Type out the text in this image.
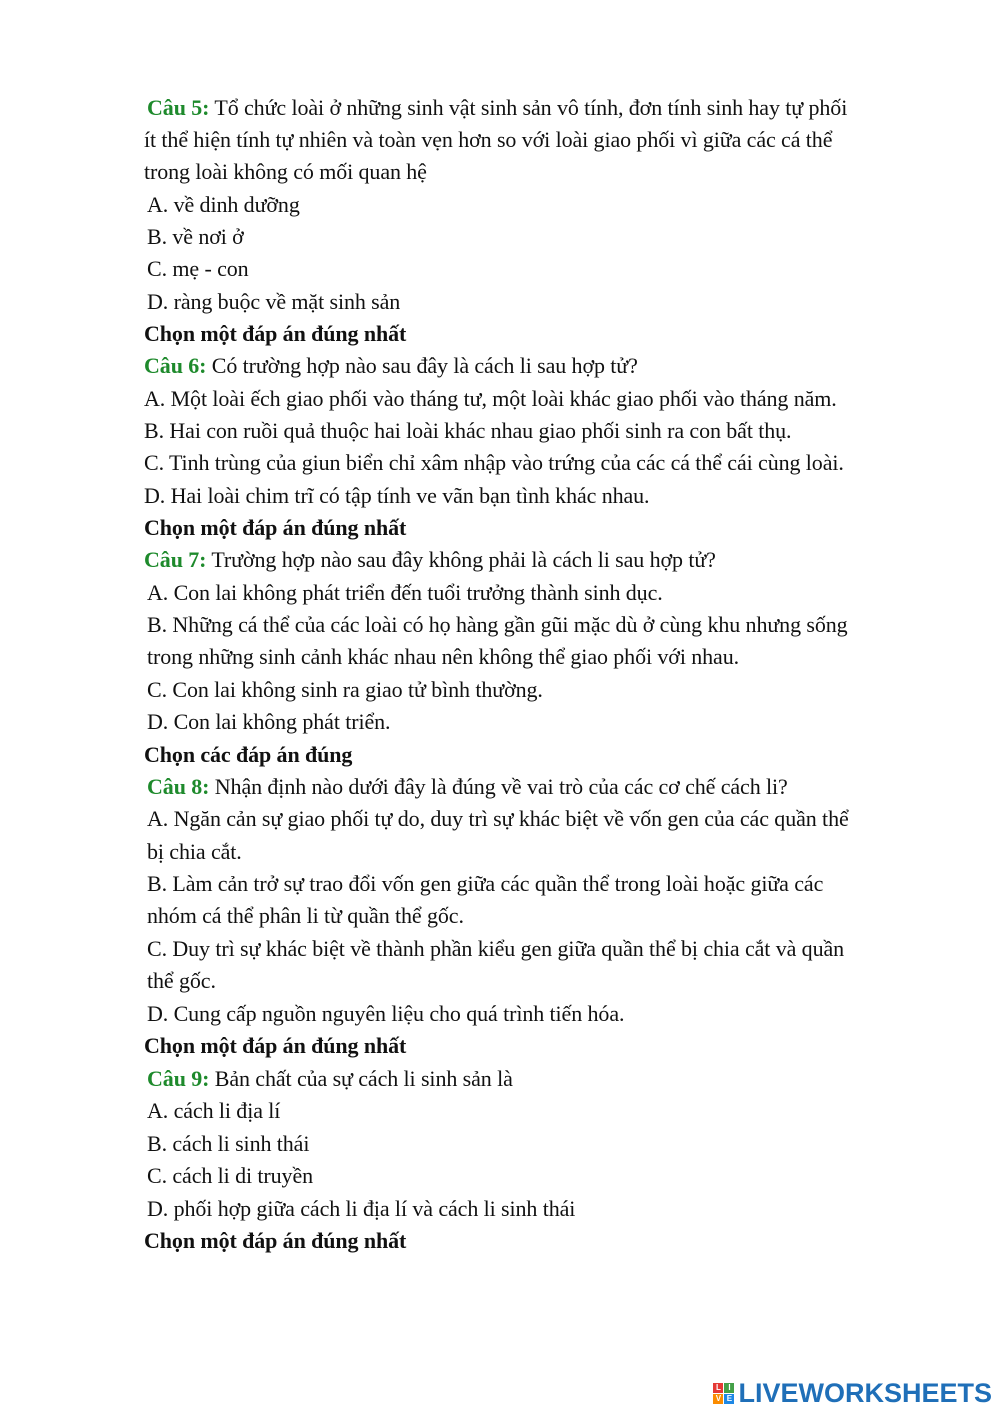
Câu 5: Tổ chức loài ở những sinh vật sinh sản vô tính, đơn tính sinh hay tự phối
ít thể hiện tính tự nhiên và toàn vẹn hơn so với loài giao phối vì giữa các cá thể
trong loài không có mối quan hệ
A. về dinh dưỡng
B. về nơi ở
C. mẹ - con
D. ràng buộc về mặt sinh sản
Chọn một đáp án đúng nhất
Câu 6: Có trường hợp nào sau đây là cách li sau hợp tử?
A. Một loài ếch giao phối vào tháng tư, một loài khác giao phối vào tháng năm.
B. Hai con ruồi quả thuộc hai loài khác nhau giao phối sinh ra con bất thụ.
C. Tinh trùng của giun biển chỉ xâm nhập vào trứng của các cá thể cái cùng loài.
D. Hai loài chim trĩ có tập tính ve vãn bạn tình khác nhau.
Chọn một đáp án đúng nhất
Câu 7: Trường hợp nào sau đây không phải là cách li sau hợp tử?
A. Con lai không phát triển đến tuổi trưởng thành sinh dục.
B. Những cá thể của các loài có họ hàng gần gũi mặc dù ở cùng khu nhưng sống
trong những sinh cảnh khác nhau nên không thể giao phối với nhau.
C. Con lai không sinh ra giao tử bình thường.
D. Con lai không phát triển.
Chọn các đáp án đúng
Câu 8: Nhận định nào dưới đây là đúng về vai trò của các cơ chế cách li?
A. Ngăn cản sự giao phối tự do, duy trì sự khác biệt về vốn gen của các quần thể
bị chia cắt.
B. Làm cản trở sự trao đổi vốn gen giữa các quần thể trong loài hoặc giữa các
nhóm cá thể phân li từ quần thể gốc.
C. Duy trì sự khác biệt về thành phần kiểu gen giữa quần thể bị chia cắt và quần
thể gốc.
D. Cung cấp nguồn nguyên liệu cho quá trình tiến hóa.
Chọn một đáp án đúng nhất
Câu 9: Bản chất của sự cách li sinh sản là
A. cách li địa lí
B. cách li sinh thái
C. cách li di truyền
D. phối hợp giữa cách li địa lí và cách li sinh thái
Chọn một đáp án đúng nhất
L I
V E LIVEWORKSHEETS
